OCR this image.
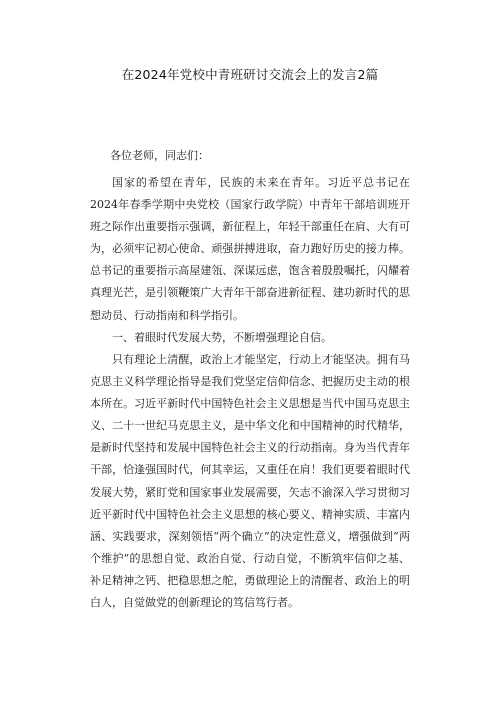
在2024年党校中青班研讨交流会上的发言2篇
各位老师，同志们：

国家的希望在青年，民族的未来在青年。习近平总书记在2024年春季学期中央党校（国家行政学院）中青年干部培训班开班之际作出重要指示强调，新征程上，年轻干部重任在肩、大有可为，必须牢记初心使命、顽强拼搏进取，奋力跑好历史的接力棒。总书记的重要指示高屋建瓴、深谋远虑，饱含着殷殷嘱托，闪耀着真理光芒，是引领鞭策广大青年干部奋进新征程、建功新时代的思想动员、行动指南和科学指引。

一、着眼时代发展大势，不断增强理论自信。

只有理论上清醒，政治上才能坚定，行动上才能坚决。拥有马克思主义科学理论指导是我们党坚定信仰信念、把握历史主动的根本所在。习近平新时代中国特色社会主义思想是当代中国马克思主义、二十一世纪马克思主义，是中华文化和中国精神的时代精华，是新时代坚持和发展中国特色社会主义的行动指南。身为当代青年干部，恰逢强国时代，何其幸运，又重任在肩！我们更要着眼时代发展大势，紧盯党和国家事业发展需要，矢志不渝深入学习贯彻习近平新时代中国特色社会主义思想的核心要义、精神实质、丰富内涵、实践要求，深刻领悟“两个确立”的决定性意义，增强做到“两个维护”的思想自觉、政治自觉、行动自觉，不断筑牢信仰之基、补足精神之钙、把稳思想之舵，勇做理论上的清醒者、政治上的明白人，自觉做党的创新理论的笃信笃行者。
